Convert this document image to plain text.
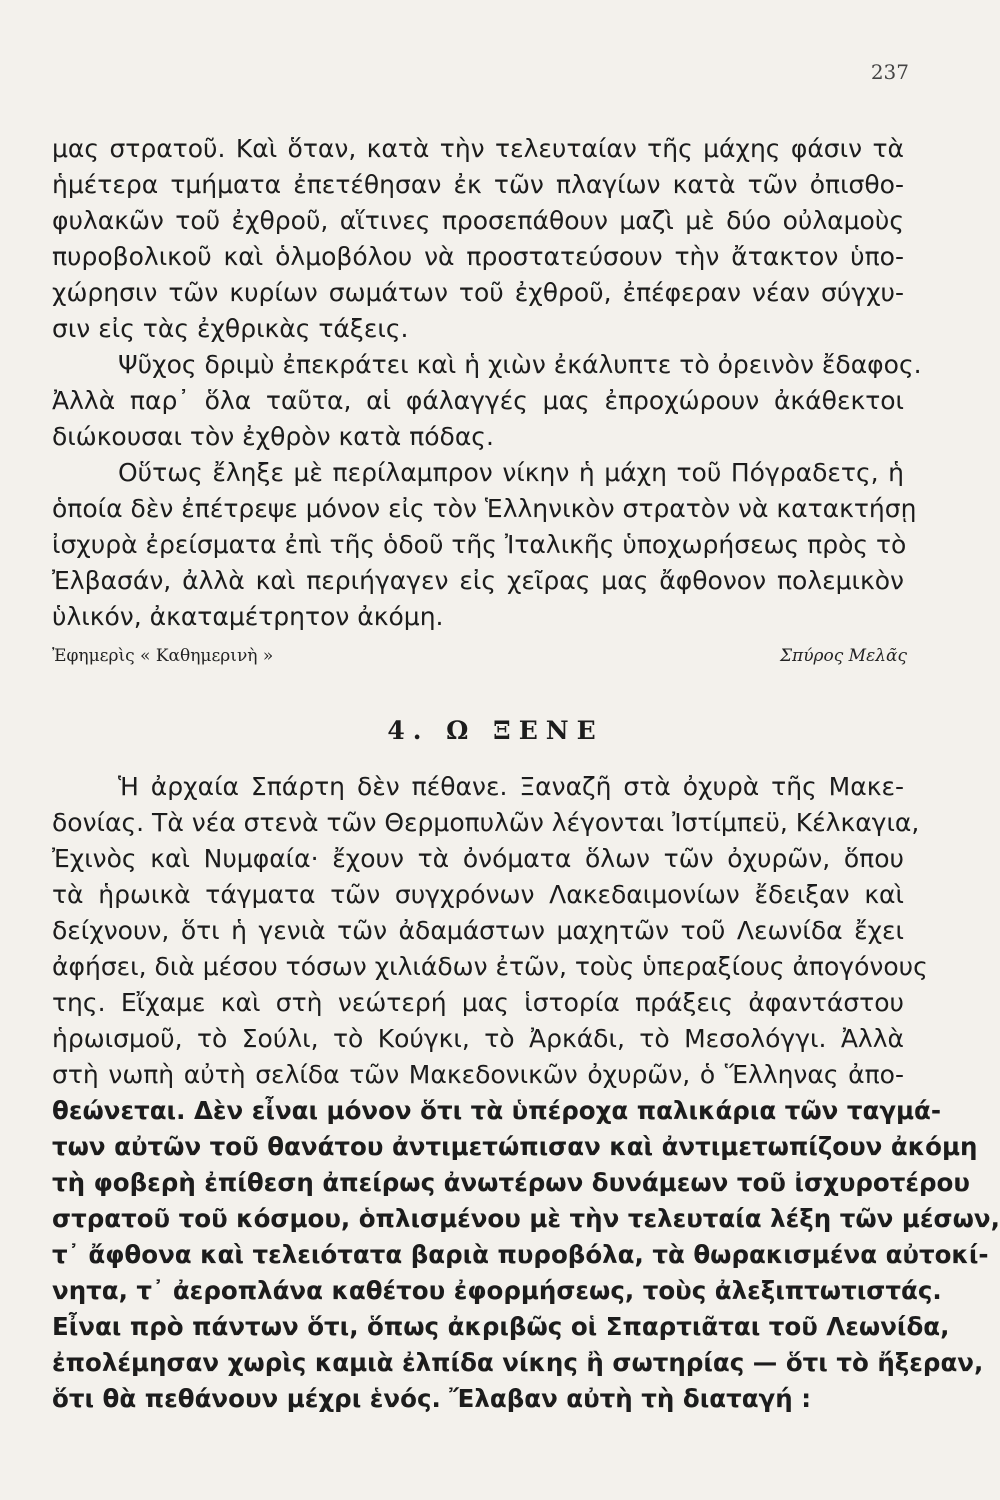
237
μας στρατοῦ. Καὶ ὅταν, κατὰ τὴν τελευταίαν τῆς μάχης φάσιν τὰ
ἡμέτερα τμήματα ἐπετέθησαν ἐκ τῶν πλαγίων κατὰ τῶν ὀπισθο-
φυλακῶν τοῦ ἐχθροῦ, αἵτινες προσεπάθουν μαζὶ μὲ δύο οὐλαμοὺς
πυροβολικοῦ καὶ ὁλμοβόλου νὰ προστατεύσουν τὴν ἄτακτον ὑπο-
χώρησιν τῶν κυρίων σωμάτων τοῦ ἐχθροῦ, ἐπέφεραν νέαν σύγχυ-
σιν εἰς τὰς ἐχθρικὰς τάξεις.
Ψῦχος δριμὺ ἐπεκράτει καὶ ἡ χιὼν ἐκάλυπτε τὸ ὀρεινὸν ἔδαφος.
Ἀλλὰ παρ᾽ ὅλα ταῦτα, αἱ φάλαγγές μας ἐπροχώρουν ἀκάθεκτοι
διώκουσαι τὸν ἐχθρὸν κατὰ πόδας.
Οὕτως ἔληξε μὲ περίλαμπρον νίκην ἡ μάχη τοῦ Πόγραδετς, ἡ
ὁποία δὲν ἐπέτρεψε μόνον εἰς τὸν Ἑλληνικὸν στρατὸν νὰ κατακτήσῃ
ἰσχυρὰ ἐρείσματα ἐπὶ τῆς ὁδοῦ τῆς Ἰταλικῆς ὑποχωρήσεως πρὸς τὸ
Ἐλβασάν, ἀλλὰ καὶ περιήγαγεν εἰς χεῖρας μας ἄφθονον πολεμικὸν
ὑλικόν, ἀκαταμέτρητον ἀκόμη.
Ἐφημερὶς « Καθημερινὴ »	Σπύρος Μελᾶς
4. Ω ΞΕΝΕ
Ἡ ἀρχαία Σπάρτη δὲν πέθανε. Ξαναζῆ στὰ ὀχυρὰ τῆς Μακε-
δονίας. Τὰ νέα στενὰ τῶν Θερμοπυλῶν λέγονται Ἰστίμπεϋ, Κέλκαγια,
Ἐχινὸς καὶ Νυμφαία· ἔχουν τὰ ὀνόματα ὅλων τῶν ὀχυρῶν, ὅπου
τὰ ἡρωικὰ τάγματα τῶν συγχρόνων Λακεδαιμονίων ἔδειξαν καὶ
δείχνουν, ὅτι ἡ γενιὰ τῶν ἀδαμάστων μαχητῶν τοῦ Λεωνίδα ἔχει
ἀφήσει, διὰ μέσου τόσων χιλιάδων ἐτῶν, τοὺς ὑπεραξίους ἀπογόνους
της. Εἴχαμε καὶ στὴ νεώτερή μας ἱστορία πράξεις ἀφαντάστου
ἡρωισμοῦ, τὸ Σούλι, τὸ Κούγκι, τὸ Ἀρκάδι, τὸ Μεσολόγγι. Ἀλλὰ
στὴ νωπὴ αὐτὴ σελίδα τῶν Μακεδονικῶν ὀχυρῶν, ὁ Ἕλληνας ἀπο-
θεώνεται. Δὲν εἶναι μόνον ὅτι τὰ ὑπέροχα παλικάρια τῶν ταγμά-
των αὐτῶν τοῦ θανάτου ἀντιμετώπισαν καὶ ἀντιμετωπίζουν ἀκόμη
τὴ φοβερὴ ἐπίθεση ἀπείρως ἀνωτέρων δυνάμεων τοῦ ἰσχυροτέρου
στρατοῦ τοῦ κόσμου, ὁπλισμένου μὲ τὴν τελευταία λέξη τῶν μέσων,
τ᾽ ἄφθονα καὶ τελειότατα βαριὰ πυροβόλα, τὰ θωρακισμένα αὐτοκί-
νητα, τ᾽ ἀεροπλάνα καθέτου ἐφορμήσεως, τοὺς ἀλεξιπτωτιστάς.
Εἶναι πρὸ πάντων ὅτι, ὅπως ἀκριβῶς οἱ Σπαρτιᾶται τοῦ Λεωνίδα,
ἐπολέμησαν χωρὶς καμιὰ ἐλπίδα νίκης ἢ σωτηρίας — ὅτι τὸ ἤξεραν,
ὅτι θὰ πεθάνουν μέχρι ἑνός. Ἔλαβαν αὐτὴ τὴ διαταγή :
